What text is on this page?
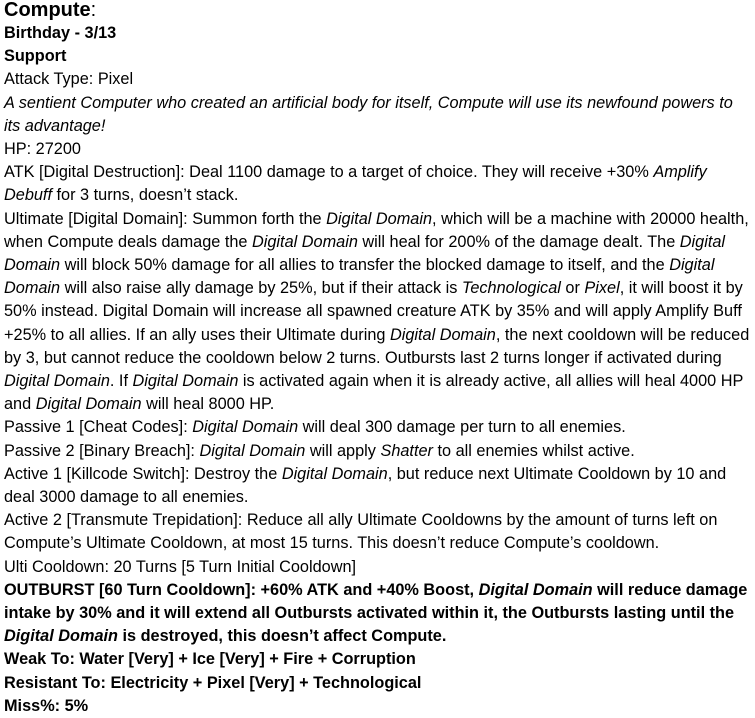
Compute:
Birthday - 3/13
Support
Attack Type: Pixel
A sentient Computer who created an artificial body for itself, Compute will use its newfound powers to its advantage!
HP: 27200
ATK [Digital Destruction]: Deal 1100 damage to a target of choice. They will receive +30% Amplify Debuff for 3 turns, doesn’t stack.
Ultimate [Digital Domain]: Summon forth the Digital Domain, which will be a machine with 20000 health, when Compute deals damage the Digital Domain will heal for 200% of the damage dealt. The Digital Domain will block 50% damage for all allies to transfer the blocked damage to itself, and the Digital Domain will also raise ally damage by 25%, but if their attack is Technological or Pixel, it will boost it by 50% instead. Digital Domain will increase all spawned creature ATK by 35% and will apply Amplify Buff +25% to all allies. If an ally uses their Ultimate during Digital Domain, the next cooldown will be reduced by 3, but cannot reduce the cooldown below 2 turns. Outbursts last 2 turns longer if activated during Digital Domain. If Digital Domain is activated again when it is already active, all allies will heal 4000 HP and Digital Domain will heal 8000 HP.
Passive 1 [Cheat Codes]: Digital Domain will deal 300 damage per turn to all enemies.
Passive 2 [Binary Breach]: Digital Domain will apply Shatter to all enemies whilst active.
Active 1 [Killcode Switch]: Destroy the Digital Domain, but reduce next Ultimate Cooldown by 10 and deal 3000 damage to all enemies.
Active 2 [Transmute Trepidation]: Reduce all ally Ultimate Cooldowns by the amount of turns left on Compute’s Ultimate Cooldown, at most 15 turns. This doesn’t reduce Compute’s cooldown.
Ulti Cooldown: 20 Turns [5 Turn Initial Cooldown]
OUTBURST [60 Turn Cooldown]: +60% ATK and +40% Boost, Digital Domain will reduce damage intake by 30% and it will extend all Outbursts activated within it, the Outbursts lasting until the Digital Domain is destroyed, this doesn’t affect Compute.
Weak To: Water [Very] + Ice [Very] + Fire + Corruption
Resistant To: Electricity + Pixel [Very] + Technological
Miss%: 5%
